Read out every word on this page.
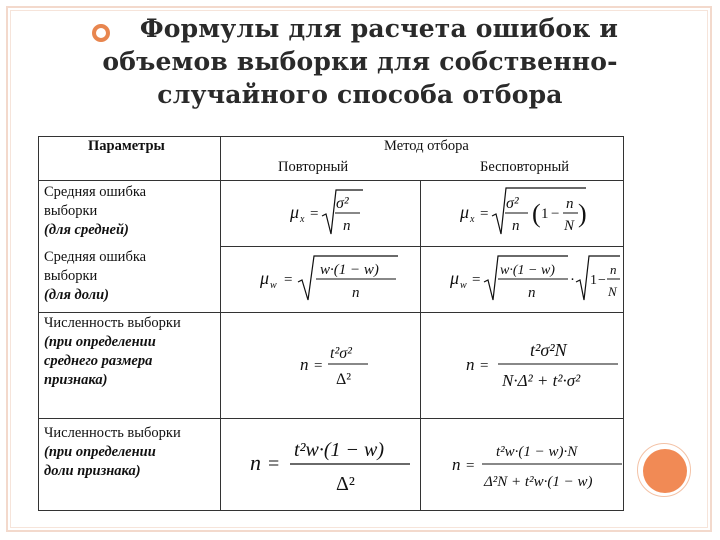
Формулы для расчета ошибок и
объемов выборки для собственно-
случайного способа отбора
Параметры	Метод отбора
Повторный	Бесповторный
Средняя ошибка
выборки
(для средней)
Средняя ошибка
выборки
(для доли)
Численность выборки
(при определении
среднего размера
признака)
Численность выборки
(при определении
доли признака)
μ x =
σ²
n
μ x =
σ²
n ( 1 −
n
N )
μ w =
w·(1 − w)
n
μ w =
w·(1 − w)
n
· 1 −
n
N
n =
t²σ²
Δ²
n =
t²σ²N
N·Δ² + t²·σ²
n =
t²w·(1 − w)
Δ²
n =
t²w·(1 − w)·N
Δ²N + t²w·(1 − w)
